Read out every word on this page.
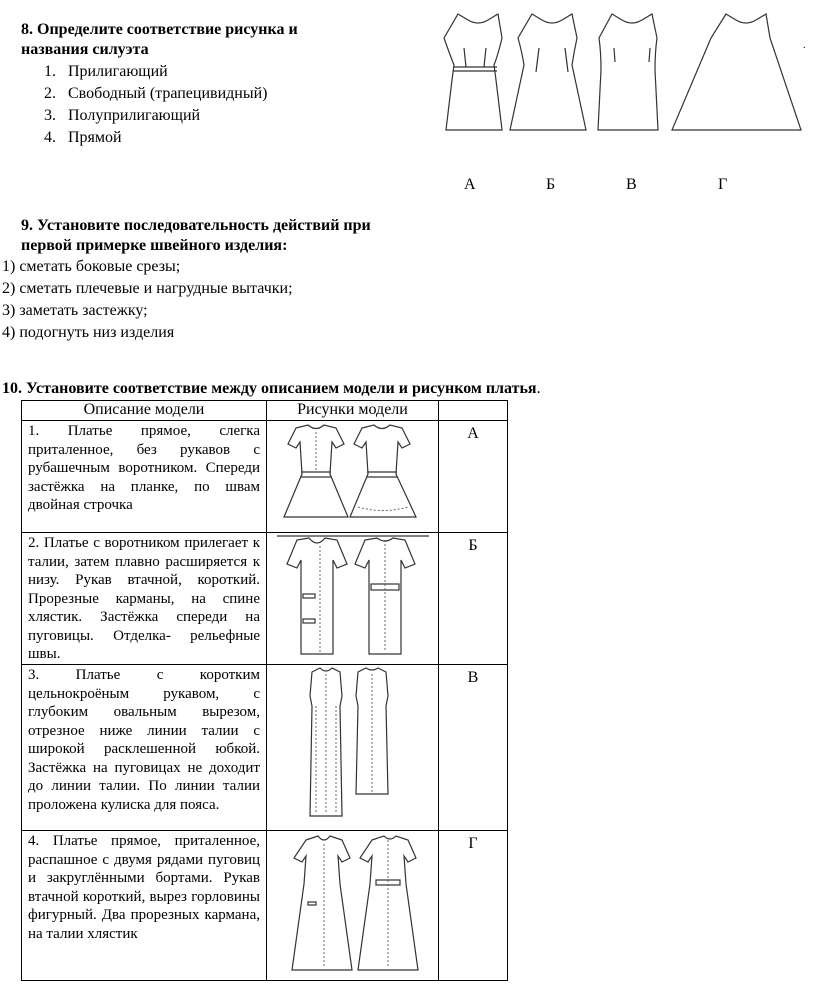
8. Определите соответствие рисунка и
названия силуэта
1. Прилигающий
2. Свободный (трапецивидный)
3. Полуприлигающий
4. Прямой
А	Б	В	Г
.
9. Установите последовательность действий при
первой примерке швейного изделия:
1) сметать боковые срезы;
2) сметать плечевые и нагрудные вытачки;
3) заметать застежку;
4) подогнуть низ изделия
10. Установите соответствие между описанием модели и рисунком платья.
Описание модели	Рисунки модели	
1. Платье прямое, слегка приталенное, без рукавов с рубашечным воротником. Спереди застёжка на планке, по швам двойная строчка		А
2. Платье с воротником прилегает к талии, затем плавно расширяется к низу. Рукав втачной, короткий. Прорезные карманы, на спине хлястик. Застёжка спереди на пуговицы. Отделка- рельефные швы.		Б
3. Платье с коротким цельнокроёным рукавом, с глубоким овальным вырезом, отрезное ниже линии талии с широкой расклешенной юбкой. Застёжка на пуговицах не доходит до линии талии. По линии талии проложена кулиска для пояса.		В
4. Платье прямое, приталенное, распашное с двумя рядами пуговиц и закруглёнными бортами. Рукав втачной короткий, вырез горловины фигурный. Два прорезных кармана, на талии хлястик		Г
